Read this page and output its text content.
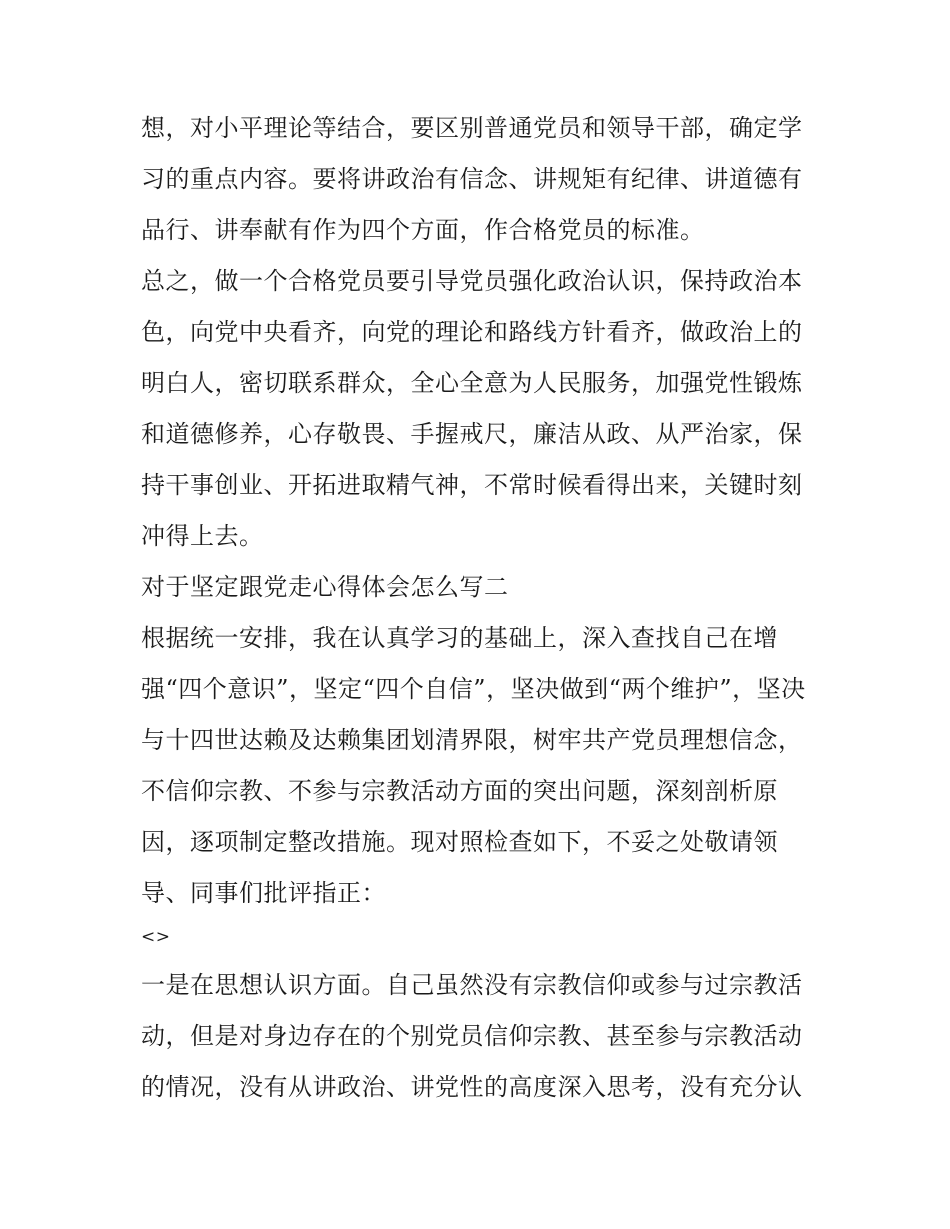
想，对小平理论等结合，要区别普通党员和领导干部，确定学
习的重点内容。要将讲政治有信念、讲规矩有纪律、讲道德有
品行、讲奉献有作为四个方面，作合格党员的标准。
总之，做一个合格党员要引导党员强化政治认识，保持政治本
色，向党中央看齐，向党的理论和路线方针看齐，做政治上的
明白人，密切联系群众，全心全意为人民服务，加强党性锻炼
和道德修养，心存敬畏、手握戒尺，廉洁从政、从严治家，保
持干事创业、开拓进取精气神，不常时候看得出来，关键时刻
冲得上去。
对于坚定跟党走心得体会怎么写二
根据统一安排，我在认真学习的基础上，深入查找自己在增
强“四个意识”，坚定“四个自信”，坚决做到“两个维护”，坚决
与十四世达赖及达赖集团划清界限，树牢共产党员理想信念，
不信仰宗教、不参与宗教活动方面的突出问题，深刻剖析原
因，逐项制定整改措施。现对照检查如下，不妥之处敬请领
导、同事们批评指正：
<>
一是在思想认识方面。自己虽然没有宗教信仰或参与过宗教活
动，但是对身边存在的个别党员信仰宗教、甚至参与宗教活动
的情况，没有从讲政治、讲党性的高度深入思考，没有充分认
